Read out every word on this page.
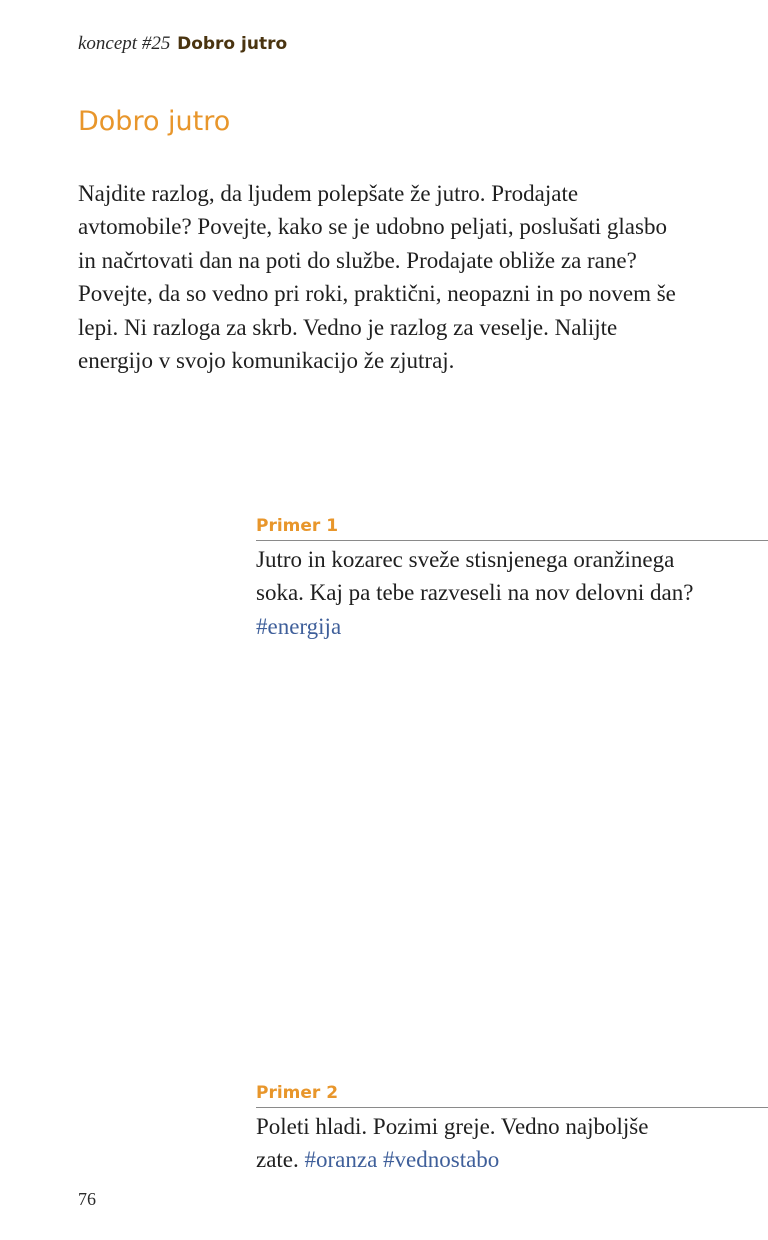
koncept #25 Dobro jutro
Dobro jutro

Najdite razlog, da ljudem polepšate že jutro. Prodajate avtomobile? Povejte, kako se je udobno peljati, poslušati glasbo in načrtovati dan na poti do službe. Prodajate obliže za rane? Povejte, da so vedno pri roki, praktični, neopazni in po novem še lepi. Ni razloga za skrb. Vedno je razlog za veselje. Nalijte energijo v svojo komunikacijo že zjutraj.

Primer 1

Jutro in kozarec sveže stisnjenega oranžinega soka. Kaj pa tebe razveseli na nov delovni dan? #energija

Primer 2

Poleti hladi. Pozimi greje. Vedno najboljše zate. #oranza #vednostabo

76
